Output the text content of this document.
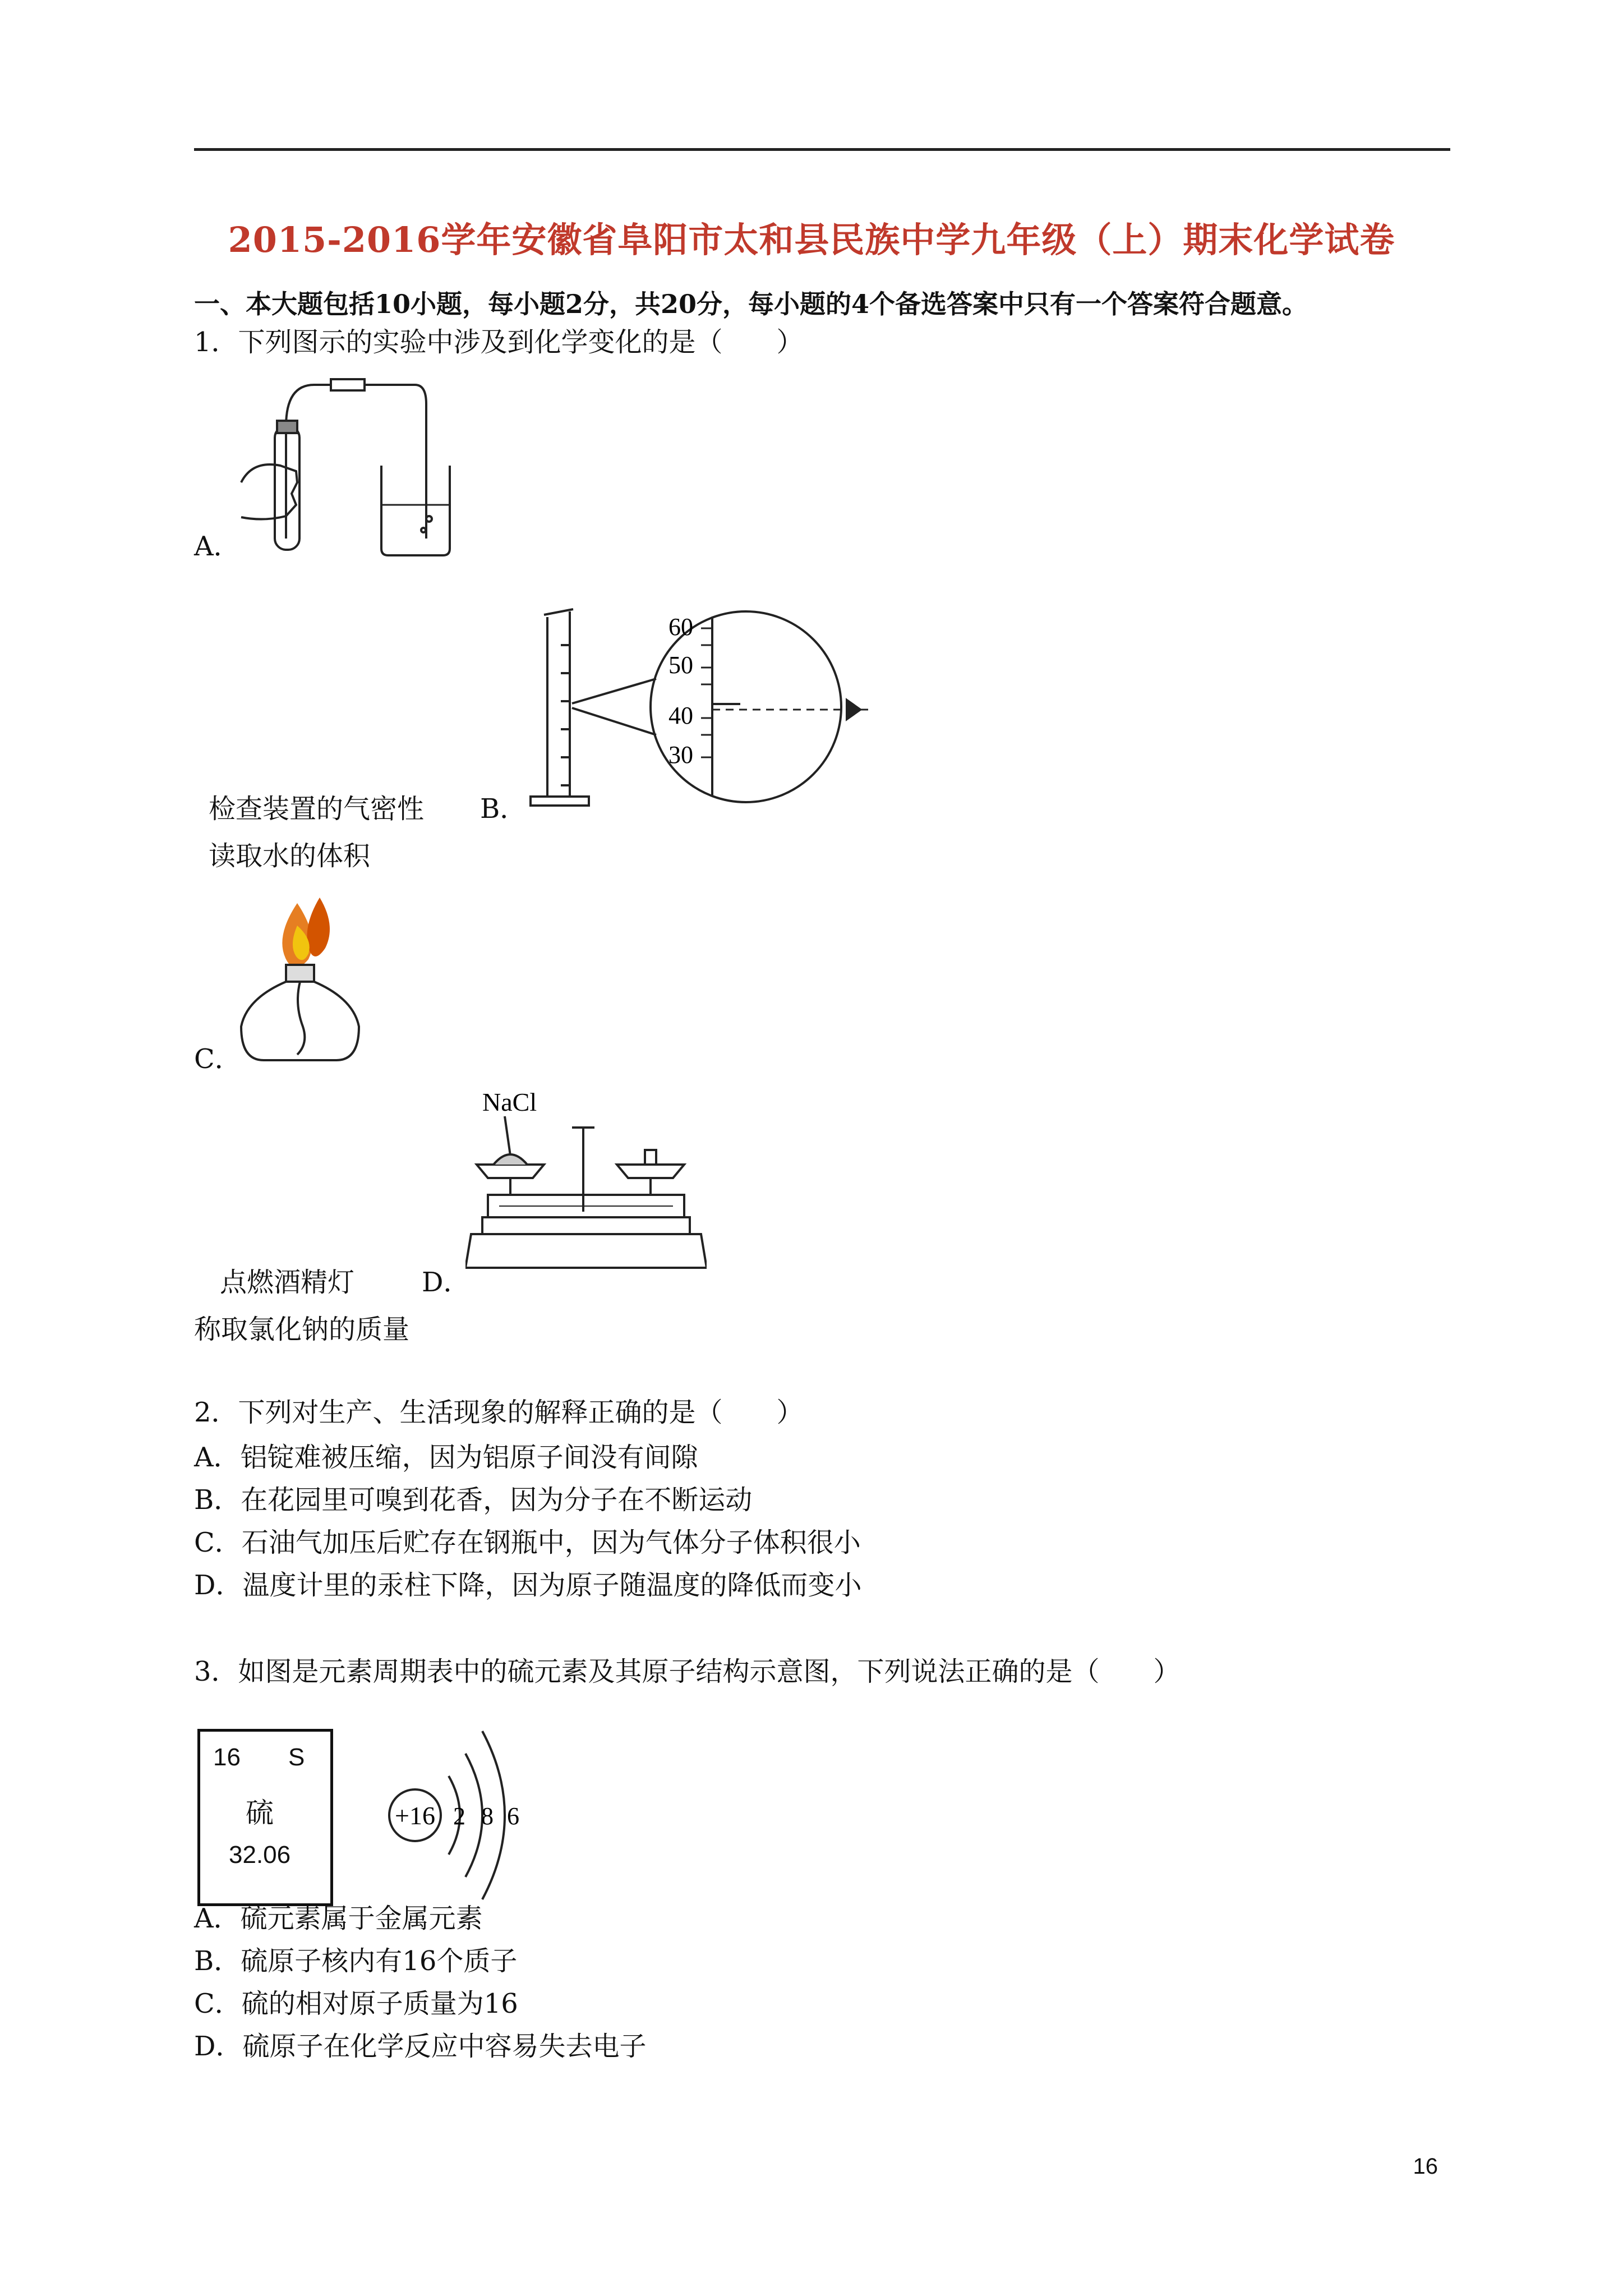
2015-2016学年安徽省阜阳市太和县民族中学九年级（上）期末化学试卷
一、本大题包括10小题，每小题2分，共20分，每小题的4个备选答案中只有一个答案符合题意。
1．下列图示的实验中涉及到化学变化的是（　　）
A．
60
50
40
30
检查装置的气密性 B．
读取水的体积
C．
NaCl
点燃酒精灯 D．
称取氯化钠的质量
2．下列对生产、生活现象的解释正确的是（　　）
A．铝锭难被压缩，因为铝原子间没有间隙
B．在花园里可嗅到花香，因为分子在不断运动
C．石油气加压后贮存在钢瓶中，因为气体分子体积很小
D．温度计里的汞柱下降，因为原子随温度的降低而变小
3．如图是元素周期表中的硫元素及其原子结构示意图，下列说法正确的是（　　）
16 S
硫
32.06
+16 2 8 6
A．硫元素属于金属元素
B．硫原子核内有16个质子
C．硫的相对原子质量为16
D．硫原子在化学反应中容易失去电子
16
